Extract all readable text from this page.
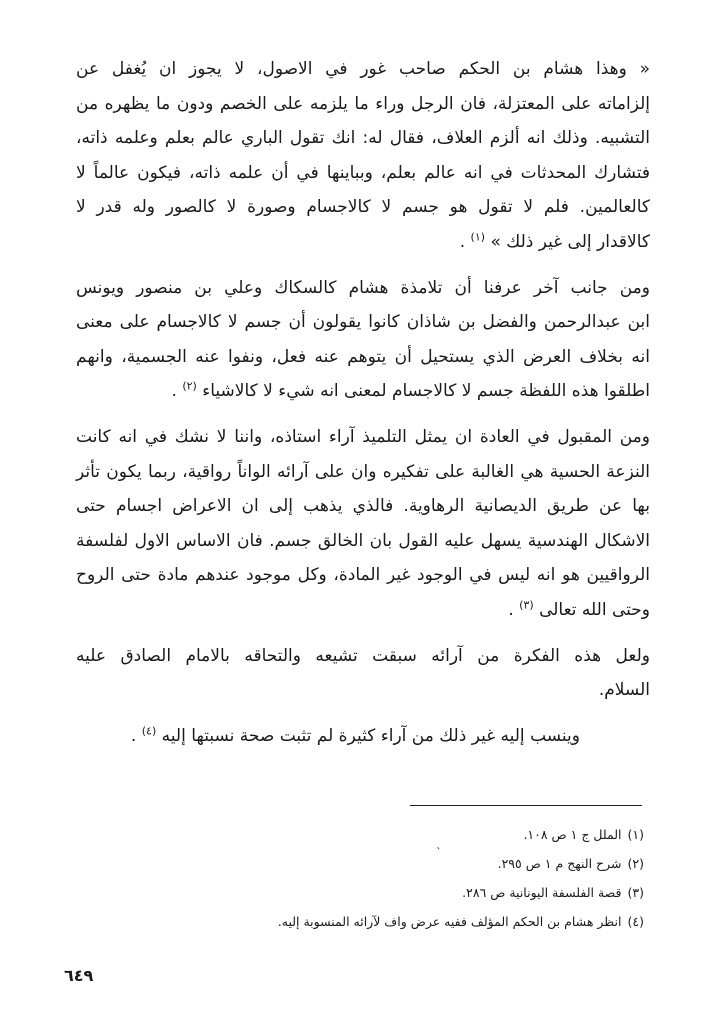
« وهذا هشام بن الحكم صاحب غور في الاصول، لا يجوز ان يُغفل عن
إلزاماته على المعتزلة، فان الرجل وراء ما يلزمه على الخصم ودون ما يظهره من
التشبيه. وذلك انه ألزم العلاف، فقال له: انك تقول الباري عالم بعلم وعلمه ذاته،
فتشارك المحدثات في انه عالم بعلم، وبباينها في أن علمه ذاته، فيكون عالماً لا
كالعالمين. فلم لا تقول هو جسم لا كالاجسام وصورة لا كالصور وله قدر لا
كالاقدار إلى غير ذلك » $^{(١)}$ .

ومن جانب آخر عرفنا أن تلامذة هشام كالسكاك وعلي بن منصور ويونس
ابن عبدالرحمن والفضل بن شاذان كانوا يقولون أن جسم لا كالاجسام على معنى
انه بخلاف العرض الذي يستحيل أن يتوهم عنه فعل، ونفوا عنه الجسمية، وانهم
اطلقوا هذه اللفظة جسم لا كالاجسام لمعنى انه شيء لا كالاشياء $^{(٢)}$ .

ومن المقبول في العادة ان يمثل التلميذ آراء استاذه، واننا لا نشك في انه كانت
النزعة الحسية هي الغالبة على تفكيره وان على آرائه الواناً رواقية، ربما يكون تأثر
بها عن طريق الديصانية الرهاوية. فالذي يذهب إلى ان الاعراض اجسام حتى
الاشكال الهندسية يسهل عليه القول بان الخالق جسم. فان الاساس الاول لفلسفة
الرواقيين هو انه ليس في الوجود غير المادة، وكل موجود عندهم مادة حتى الروح
وحتى الله تعالى $^{(٣)}$ .

ولعل هذه الفكرة من آرائه سبقت تشيعه والتحاقه بالامام الصادق عليه
السلام.

وينسب إليه غير ذلك من آراء كثيرة لم تثبت صحة نسبتها إليه $^{(٤)}$ .

`
(١)الملل ج ١ ص ١٠٨.
(٢)شرح النهج م ١ ص ٢٩٥.
(٣)قصة الفلسفة اليونانية ص ٢٨٦.
(٤)انظر هشام بن الحكم المؤلف ففيه عرض واف لآرائه المنسوبة إليه.
٦٤٩
